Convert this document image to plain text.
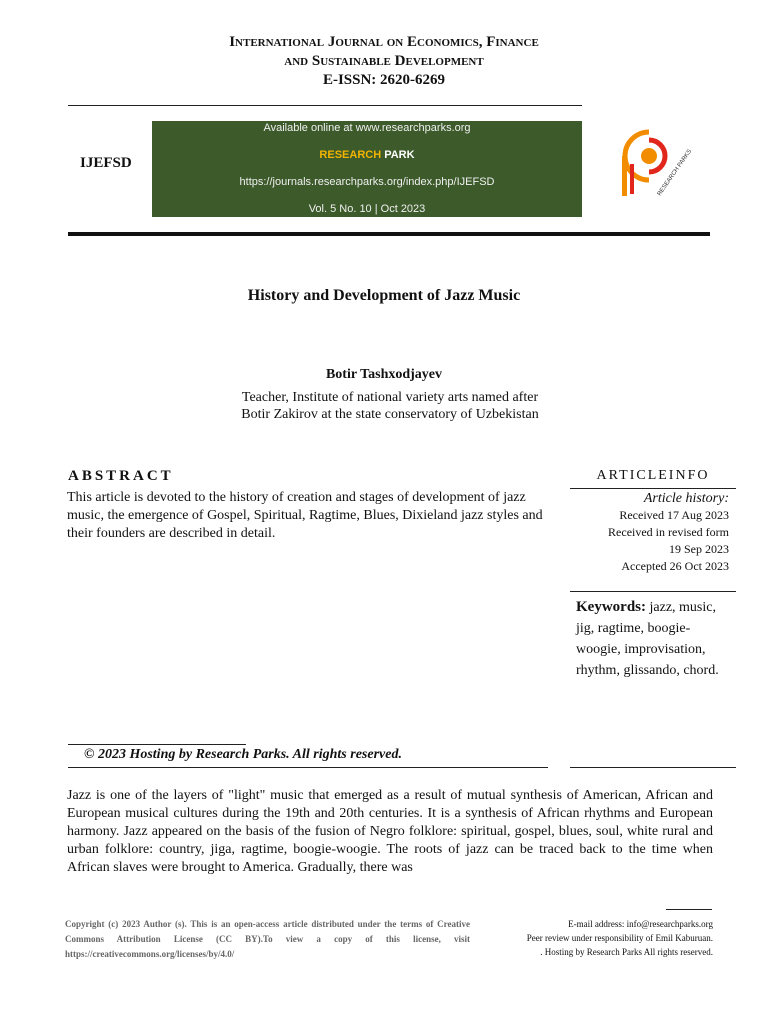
International Journal on Economics, Finance
and Sustainable Development
E-ISSN: 2620-6269
IJEFSD
Available online at www.researchparks.org
RESEARCH PARK
https://journals.researchparks.org/index.php/IJEFSD
Vol. 5 No. 10 | Oct 2023
RESEARCH PARKS
History and Development of Jazz Music
Botir Tashxodjayev
Teacher, Institute of national variety arts named after
Botir Zakirov at the state conservatory of Uzbekistan
ABSTRACT
This article is devoted to the history of creation and stages of development of jazz music, the emergence of Gospel, Spiritual, Ragtime, Blues, Dixieland jazz styles and their founders are described in detail.
ARTICLEINFO
Article history:
Received 17 Aug 2023
Received in revised form
19 Sep 2023
Accepted 26 Oct 2023
Keywords: jazz, music, jig, ragtime, boogie-woogie, improvisation, rhythm, glissando, chord.
© 2023 Hosting by Research Parks. All rights reserved.
Jazz is one of the layers of "light" music that emerged as a result of mutual synthesis of American, African and European musical cultures during the 19th and 20th centuries. It is a synthesis of African rhythms and European harmony. Jazz appeared on the basis of the fusion of Negro folklore: spiritual, gospel, blues, soul, white rural and urban folklore: country, jiga, ragtime, boogie-woogie. The roots of jazz can be traced back to the time when African slaves were brought to America. Gradually, there was
Copyright (c) 2023 Author (s). This is an open-access article distributed under the terms of Creative Commons Attribution License (CC BY).To view a copy of this license, visit https://creativecommons.org/licenses/by/4.0/
E-mail address: info@researchparks.org
Peer review under responsibility of Emil Kaburuan.
. Hosting by Research Parks All rights reserved.
